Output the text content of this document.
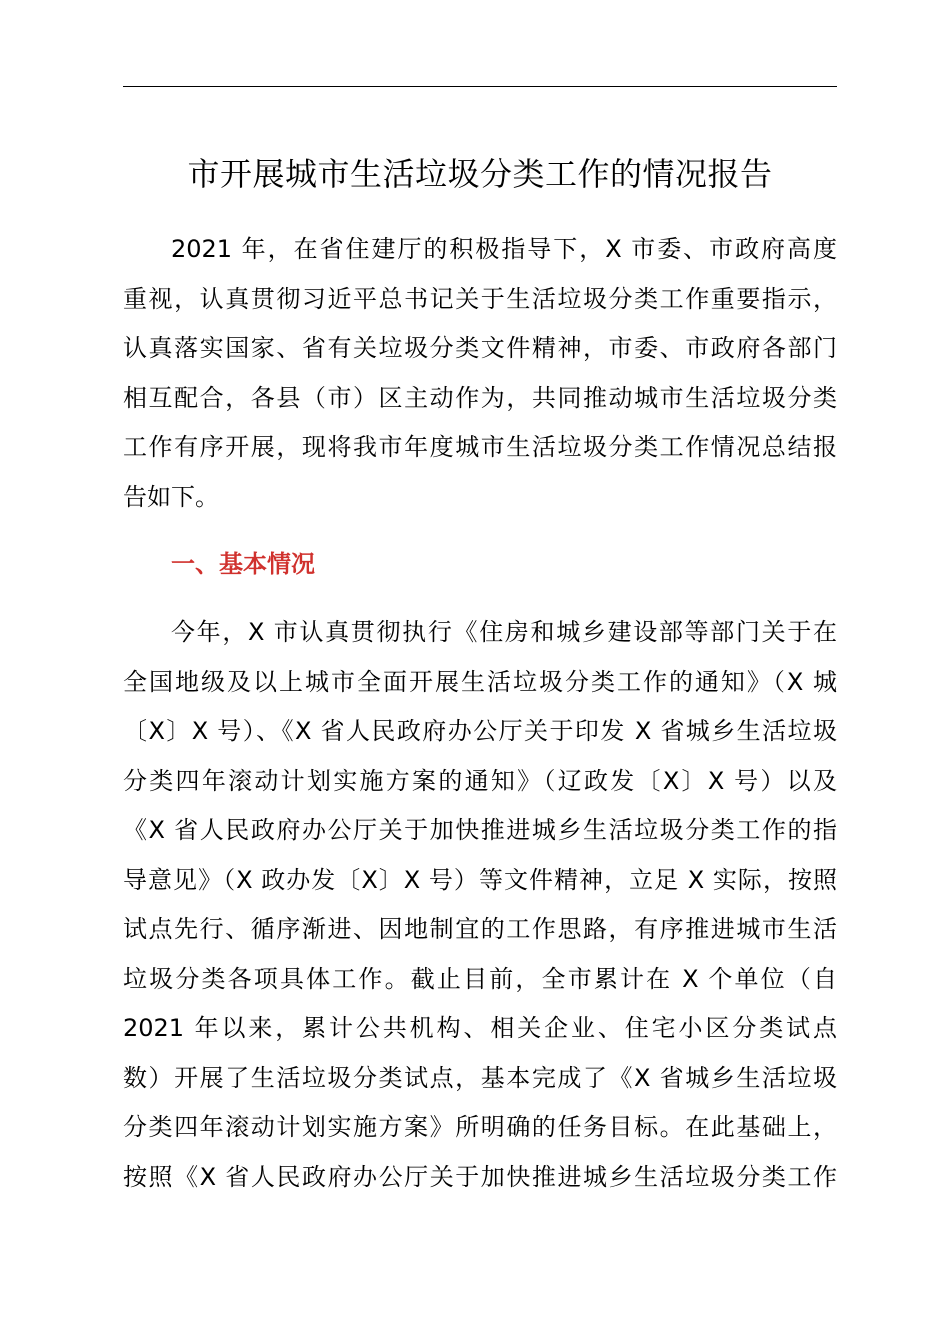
市开展城市生活垃圾分类工作的情况报告
2021 年，在省住建厅的积极指导下，X 市委、市政府高度
重视，认真贯彻习近平总书记关于生活垃圾分类工作重要指示，
认真落实国家、省有关垃圾分类文件精神，市委、市政府各部门
相互配合，各县（市）区主动作为，共同推动城市生活垃圾分类
工作有序开展，现将我市年度城市生活垃圾分类工作情况总结报
告如下。
一、基本情况
今年，X 市认真贯彻执行《住房和城乡建设部等部门关于在
全国地级及以上城市全面开展生活垃圾分类工作的通知》（X 城
〔X〕X 号）、《X 省人民政府办公厅关于印发 X 省城乡生活垃圾
分类四年滚动计划实施方案的通知》（辽政发〔X〕X 号）以及
《X 省人民政府办公厅关于加快推进城乡生活垃圾分类工作的指
导意见》（X 政办发〔X〕X 号）等文件精神，立足 X 实际，按照
试点先行、循序渐进、因地制宜的工作思路，有序推进城市生活
垃圾分类各项具体工作。截止目前，全市累计在 X 个单位（自
2021 年以来，累计公共机构、相关企业、住宅小区分类试点
数）开展了生活垃圾分类试点，基本完成了《X 省城乡生活垃圾
分类四年滚动计划实施方案》所明确的任务目标。在此基础上，
按照《X 省人民政府办公厅关于加快推进城乡生活垃圾分类工作
